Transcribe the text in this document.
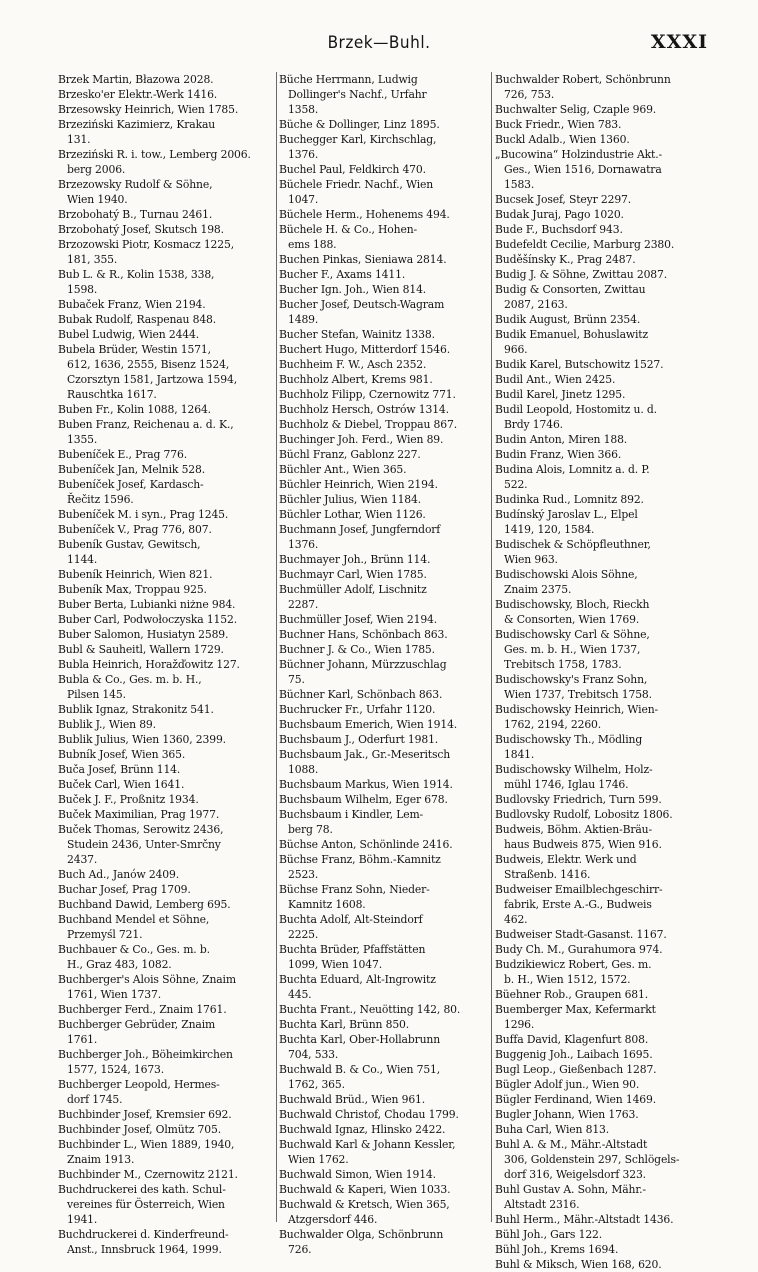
Brzek—Buhl.	XXXI
Brzek Martin, Błazowa 2028.
Brzesko'er Elektr.-Werk 1416.
Brzesowsky Heinrich, Wien 1785.
Brzeziński Kazimierz, Krakau
131.
Brzeziński R. i. tow., Lemberg 2006.
berg 2006.
Brzezowsky Rudolf & Söhne,
Wien 1940.
Brzobohatý B., Turnau 2461.
Brzobohatý Josef, Skutsch 198.
Brzozowski Piotr, Kosmacz 1225,
181, 355.
Bub L. & R., Kolin 1538, 338,
1598.
Bubaček Franz, Wien 2194.
Bubak Rudolf, Raspenau 848.
Bubel Ludwig, Wien 2444.
Bubela Brüder, Westin 1571,
612, 1636, 2555, Bisenz 1524,
Czorsztyn 1581, Jartzowa 1594,
Rauschtka 1617.
Buben Fr., Kolin 1088, 1264.
Buben Franz, Reichenau a. d. K.,
1355.
Bubeníček E., Prag 776.
Bubeníček Jan, Melnik 528.
Bubeníček Josef, Kardasch-
Řečitz 1596.
Bubeníček M. i syn., Prag 1245.
Bubeníček V., Prag 776, 807.
Bubeník Gustav, Gewitsch,
1144.
Bubeník Heinrich, Wien 821.
Bubeník Max, Troppau 925.
Buber Berta, Lubianki niżne 984.
Buber Carl, Podwołoczyska 1152.
Buber Salomon, Husiatyn 2589.
Bubl & Sauheitl, Wallern 1729.
Bubla Heinrich, Horažďowitz 127.
Bubla & Co., Ges. m. b. H.,
Pilsen 145.
Bublik Ignaz, Strakonitz 541.
Bublik J., Wien 89.
Bublik Julius, Wien 1360, 2399.
Bubník Josef, Wien 365.
Buča Josef, Brünn 114.
Buček Carl, Wien 1641.
Buček J. F., Proßnitz 1934.
Buček Maximilian, Prag 1977.
Buček Thomas, Serowitz 2436,
Studein 2436, Unter-Smrčny
2437.
Buch Ad., Janów 2409.
Buchar Josef, Prag 1709.
Buchband Dawid, Lemberg 695.
Buchband Mendel et Söhne,
Przemyśl 721.
Buchbauer & Co., Ges. m. b.
H., Graz 483, 1082.
Buchberger's Alois Söhne, Znaim
1761, Wien 1737.
Buchberger Ferd., Znaim 1761.
Buchberger Gebrüder, Znaim
1761.
Buchberger Joh., Böheimkirchen
1577, 1524, 1673.
Buchberger Leopold, Hermes-
dorf 1745.
Buchbinder Josef, Kremsier 692.
Buchbinder Josef, Olmütz 705.
Buchbinder L., Wien 1889, 1940,
Znaim 1913.
Buchbinder M., Czernowitz 2121.
Buchdruckerei des kath. Schul-
vereines für Österreich, Wien
1941.
Buchdruckerei d. Kinderfreund-
Anst., Innsbruck 1964, 1999.
Büche Herrmann, Ludwig
Dollinger's Nachf., Urfahr
1358.
Büche & Dollinger, Linz 1895.
Buchegger Karl, Kirchschlag,
1376.
Buchel Paul, Feldkirch 470.
Büchele Friedr. Nachf., Wien
1047.
Büchele Herm., Hohenems 494.
Büchele H. & Co., Hohen-
ems 188.
Buchen Pinkas, Sieniawa 2814.
Bucher F., Axams 1411.
Bucher Ign. Joh., Wien 814.
Bucher Josef, Deutsch-Wagram
1489.
Bucher Stefan, Wainitz 1338.
Buchert Hugo, Mitterdorf 1546.
Buchheim F. W., Asch 2352.
Buchholz Albert, Krems 981.
Buchholz Filipp, Czernowitz 771.
Buchholz Hersch, Ostrów 1314.
Buchholz & Diebel, Troppau 867.
Buchinger Joh. Ferd., Wien 89.
Büchl Franz, Gablonz 227.
Büchler Ant., Wien 365.
Büchler Heinrich, Wien 2194.
Büchler Julius, Wien 1184.
Büchler Lothar, Wien 1126.
Buchmann Josef, Jungferndorf
1376.
Buchmayer Joh., Brünn 114.
Buchmayr Carl, Wien 1785.
Buchmüller Adolf, Lischnitz
2287.
Buchmüller Josef, Wien 2194.
Buchner Hans, Schönbach 863.
Buchner J. & Co., Wien 1785.
Büchner Johann, Mürzzuschlag
75.
Büchner Karl, Schönbach 863.
Buchrucker Fr., Urfahr 1120.
Buchsbaum Emerich, Wien 1914.
Buchsbaum J., Oderfurt 1981.
Buchsbaum Jak., Gr.-Meseritsch
1088.
Buchsbaum Markus, Wien 1914.
Buchsbaum Wilhelm, Eger 678.
Buchsbaum i Kindler, Lem-
berg 78.
Büchse Anton, Schönlinde 2416.
Büchse Franz, Böhm.-Kamnitz
2523.
Büchse Franz Sohn, Nieder-
Kamnitz 1608.
Buchta Adolf, Alt-Steindorf
2225.
Buchta Brüder, Pfaffstätten
1099, Wien 1047.
Buchta Eduard, Alt-Ingrowitz
445.
Buchta Frant., Neuötting 142, 80.
Buchta Karl, Brünn 850.
Buchta Karl, Ober-Hollabrunn
704, 533.
Buchwald B. & Co., Wien 751,
1762, 365.
Buchwald Brüd., Wien 961.
Buchwald Christof, Chodau 1799.
Buchwald Ignaz, Hlinsko 2422.
Buchwald Karl & Johann Kessler,
Wien 1762.
Buchwald Simon, Wien 1914.
Buchwald & Kaperi, Wien 1033.
Buchwald & Kretsch, Wien 365,
Atzgersdorf 446.
Buchwalder Olga, Schönbrunn
726.
Buchwalder Robert, Schönbrunn
726, 753.
Buchwalter Selig, Czaple 969.
Buck Friedr., Wien 783.
Buckl Adalb., Wien 1360.
„Bucowina“ Holzindustrie Akt.-
Ges., Wien 1516, Dornawatra
1583.
Bucsek Josef, Steyr 2297.
Budak Juraj, Pago 1020.
Bude F., Buchsdorf 943.
Budefeldt Cecilie, Marburg 2380.
Buděšínsky K., Prag 2487.
Budig J. & Söhne, Zwittau 2087.
Budig & Consorten, Zwittau
2087, 2163.
Budik August, Brünn 2354.
Budik Emanuel, Bohuslawitz
966.
Budik Karel, Butschowitz 1527.
Budil Ant., Wien 2425.
Budil Karel, Jinetz 1295.
Budil Leopold, Hostomitz u. d.
Brdy 1746.
Budin Anton, Miren 188.
Budin Franz, Wien 366.
Budina Alois, Lomnitz a. d. P.
522.
Budinka Rud., Lomnitz 892.
Budínský Jaroslav L., Elpel
1419, 120, 1584.
Budischek & Schöpfleuthner,
Wien 963.
Budischowski Alois Söhne,
Znaim 2375.
Budischowsky, Bloch, Rieckh
& Consorten, Wien 1769.
Budischowsky Carl & Söhne,
Ges. m. b. H., Wien 1737,
Trebitsch 1758, 1783.
Budischowsky's Franz Sohn,
Wien 1737, Trebitsch 1758.
Budischowsky Heinrich, Wien-
1762, 2194, 2260.
Budischowsky Th., Mödling
1841.
Budischowsky Wilhelm, Holz-
mühl 1746, Iglau 1746.
Budlovsky Friedrich, Turn 599.
Budlovsky Rudolf, Lobositz 1806.
Budweis, Böhm. Aktien-Bräu-
haus Budweis 875, Wien 916.
Budweis, Elektr. Werk und
Straßenb. 1416.
Budweiser Emailblechgeschirr-
fabrik, Erste A.-G., Budweis
462.
Budweiser Stadt-Gasanst. 1167.
Budy Ch. M., Gurahumora 974.
Budzikiewicz Robert, Ges. m.
b. H., Wien 1512, 1572.
Büehner Rob., Graupen 681.
Buemberger Max, Kefermarkt
1296.
Buffa David, Klagenfurt 808.
Buggenig Joh., Laibach 1695.
Bugl Leop., Gießenbach 1287.
Bügler Adolf jun., Wien 90.
Bügler Ferdinand, Wien 1469.
Bugler Johann, Wien 1763.
Buha Carl, Wien 813.
Buhl A. & M., Mähr.-Altstadt
306, Goldenstein 297, Schlögels-
dorf 316, Weigelsdorf 323.
Buhl Gustav A. Sohn, Mähr.-
Altstadt 2316.
Buhl Herm., Mähr.-Altstadt 1436.
Bühl Joh., Gars 122.
Bühl Joh., Krems 1694.
Buhl & Miksch, Wien 168, 620.
